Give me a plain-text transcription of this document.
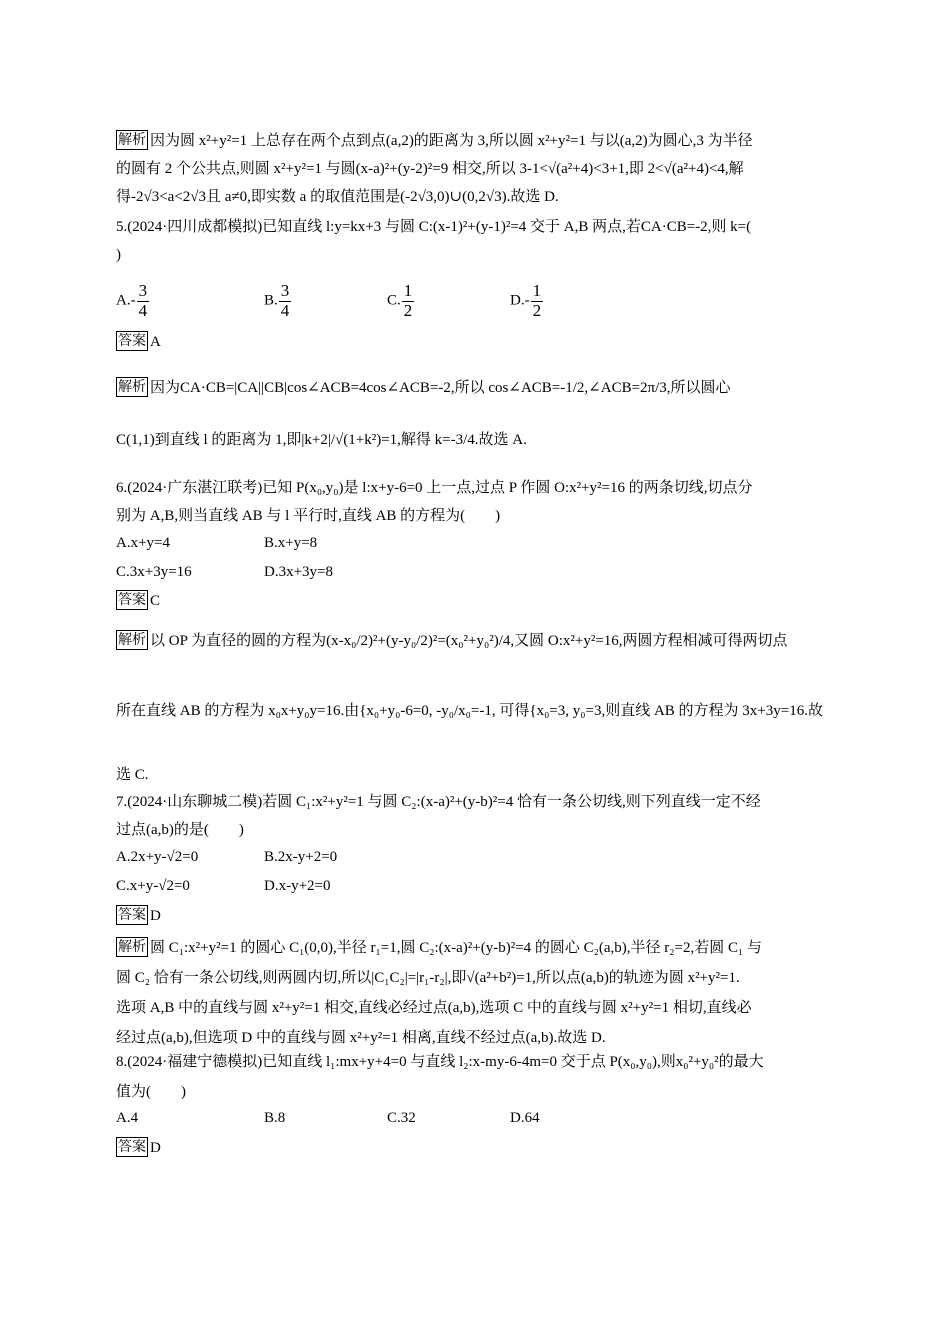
解析 因为圆 x²+y²=1 上总存在两个点到点(a,2)的距离为 3,所以圆 x²+y²=1 与以(a,2)为圆心,3 为半径
的圆有 2 个公共点,则圆 x²+y²=1 与圆(x-a)²+(y-2)²=9 相交,所以 3-1<√(a²+4)<3+1,即 2<√(a²+4)<4,解
得-2√3<a<2√3且 a≠0,即实数 a 的取值范围是(-2√3,0)∪(0,2√3).故选 D.
5.(2024·四川成都模拟)已知直线 l:y=kx+3 与圆 C:(x-1)²+(y-1)²=4 交于 A,B 两点,若CA·CB=-2,则 k=(
)
$A.- \frac{3}{4}$	B. $\frac{3}{4}$	C. $\frac{1}{2}$	$D.- \frac{1}{2}$
答案 A
解析 因为CA·CB=|CA||CB|cos∠ACB=4cos∠ACB=-2,所以 cos∠ACB=-1/2,∠ACB=2π/3,所以圆心
C(1,1)到直线 l 的距离为 1,即|k+2|/√(1+k²)=1,解得 k=-3/4.故选 A.
6.(2024·广东湛江联考)已知 P(x₀,y₀)是 l:x+y-6=0 上一点,过点 P 作圆 O:x²+y²=16 的两条切线,切点分
别为 A,B,则当直线 AB 与 l 平行时,直线 AB 的方程为(　　)
A.x+y=4	B.x+y=8
C.3x+3y=16	D.3x+3y=8
答案 C
解析 以 OP 为直径的圆的方程为(x-x₀/2)²+(y-y₀/2)²=(x₀²+y₀²)/4,又圆 O:x²+y²=16,两圆方程相减可得两切点
所在直线 AB 的方程为 x₀x+y₀y=16.由{x₀+y₀-6=0, -y₀/x₀=-1, 可得{x₀=3, y₀=3,则直线 AB 的方程为 3x+3y=16.故
选 C.
7.(2024·山东聊城二模)若圆 C₁:x²+y²=1 与圆 C₂:(x-a)²+(y-b)²=4 恰有一条公切线,则下列直线一定不经
过点(a,b)的是(　　)
A.2x+y-√2=0	B.2x-y+2=0
C.x+y-√2=0	D.x-y+2=0
答案 D
解析 圆 C₁:x²+y²=1 的圆心 C₁(0,0),半径 r₁=1,圆 C₂:(x-a)²+(y-b)²=4 的圆心 C₂(a,b),半径 r₂=2,若圆 C₁ 与
圆 C₂ 恰有一条公切线,则两圆内切,所以|C₁C₂|=|r₁-r₂|,即√(a²+b²)=1,所以点(a,b)的轨迹为圆 x²+y²=1.
选项 A,B 中的直线与圆 x²+y²=1 相交,直线必经过点(a,b),选项 C 中的直线与圆 x²+y²=1 相切,直线必
经过点(a,b),但选项 D 中的直线与圆 x²+y²=1 相离,直线不经过点(a,b).故选 D.
8.(2024·福建宁德模拟)已知直线 l₁:mx+y+4=0 与直线 l₂:x-my-6-4m=0 交于点 P(x₀,y₀),则x₀²+y₀²的最大
值为(　　)
A.4	B.8	C.32	D.64
答案 D
